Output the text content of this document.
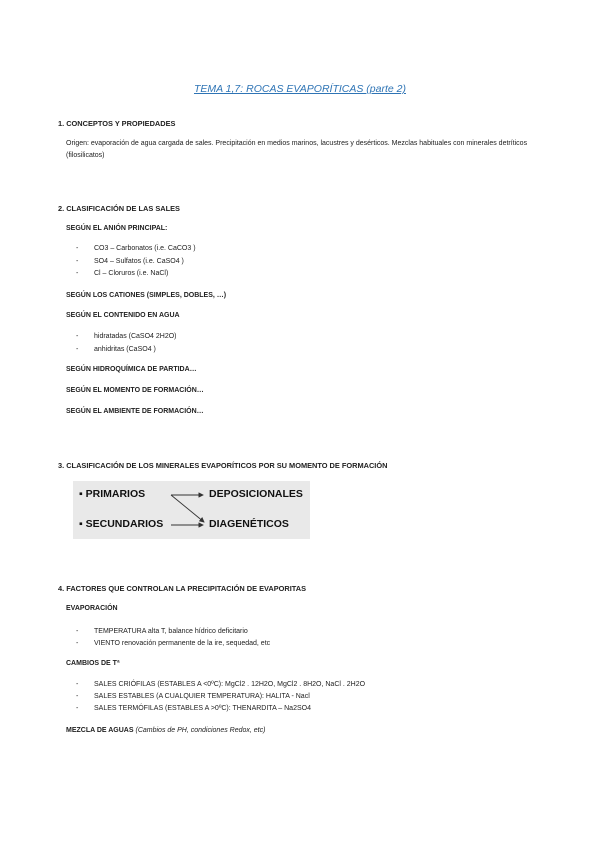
TEMA 1,7: ROCAS EVAPORÍTICAS (parte 2)
1. CONCEPTOS Y PROPIEDADES
Origen: evaporación de agua cargada de sales. Precipitación en medios marinos, lacustres y desérticos. Mezclas habituales con minerales detríticos (filosilicatos)
2. CLASIFICACIÓN DE LAS SALES
SEGÚN EL ANIÓN PRINCIPAL:
- CO3 – Carbonatos (i.e. CaCO3 )
- SO4 – Sulfatos (i.e. CaSO4 )
- Cl – Cloruros (i.e. NaCl)
SEGÚN LOS CATIONES (SIMPLES, DOBLES, …)
SEGÚN EL CONTENIDO EN AGUA
- hidratadas (CaSO4 2H2O)
- anhidritas (CaSO4 )
SEGÚN HIDROQUÍMICA DE PARTIDA…
SEGÚN EL MOMENTO DE FORMACIÓN…
SEGÚN EL AMBIENTE DE FORMACIÓN…
3. CLASIFICACIÓN DE LOS MINERALES EVAPORÍTICOS POR SU MOMENTO DE FORMACIÓN
▪ PRIMARIOS
▪ SECUNDARIOS
DEPOSICIONALES
DIAGENÉTICOS
4. FACTORES QUE CONTROLAN LA PRECIPITACIÓN DE EVAPORITAS
EVAPORACIÓN
- TEMPERATURA alta T, balance hídrico deficitario
- VIENTO renovación permanente de la ire, sequedad, etc
CAMBIOS DE Tª
- SALES CRIÓFILAS (ESTABLES A <0ºC): MgCl2 . 12H2O, MgCl2 . 8H2O, NaCl . 2H2O
- SALES ESTABLES (A CUALQUIER TEMPERATURA): HALITA - Nacl
- SALES TERMÓFILAS (ESTABLES A >0ºC): THENARDITA – Na2SO4
MEZCLA DE AGUAS (Cambios de PH, condiciones Redox, etc)
